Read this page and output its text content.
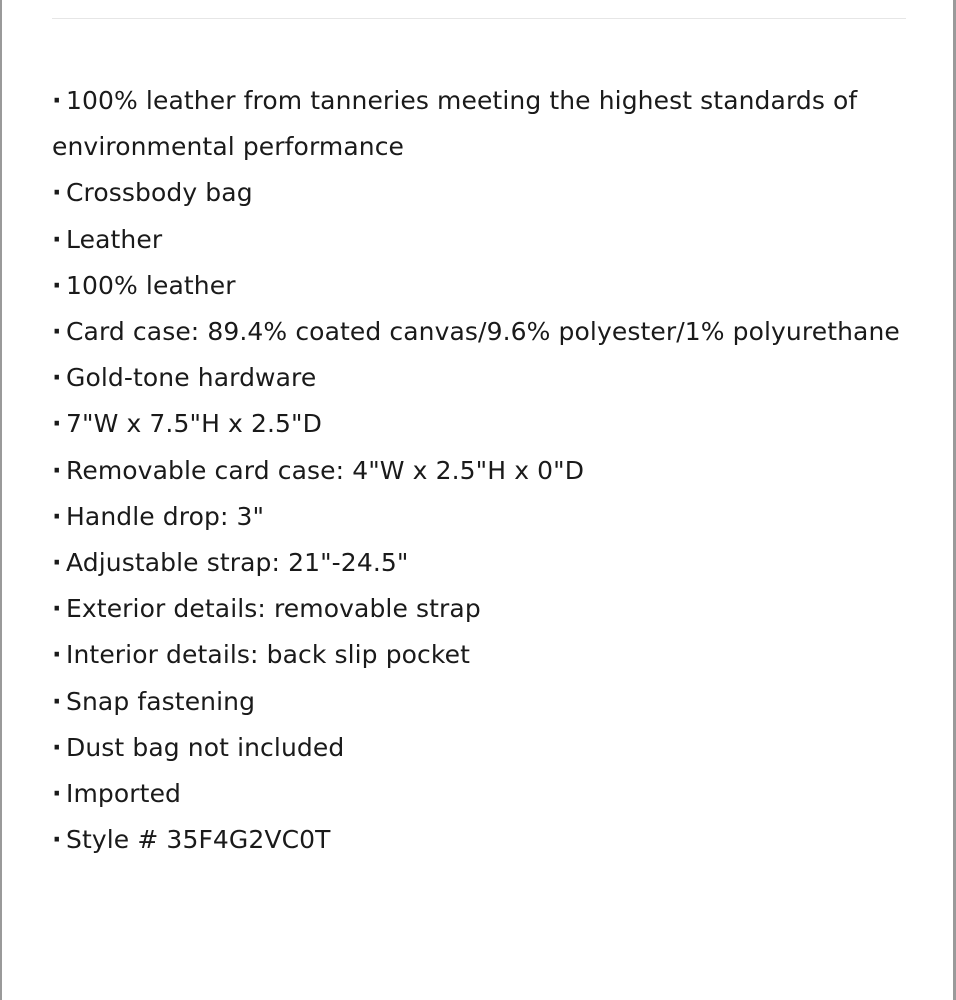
· 100% leather from tanneries meeting the highest standards of environmental performance
· Crossbody bag
· Leather
· 100% leather
· Card case: 89.4% coated canvas/9.6% polyester/1% polyurethane
· Gold-tone hardware
· 7"W x 7.5"H x 2.5"D
· Removable card case: 4"W x 2.5"H x 0"D
· Handle drop: 3"
· Adjustable strap: 21"-24.5"
· Exterior details: removable strap
· Interior details: back slip pocket
· Snap fastening
· Dust bag not included
· Imported
· Style # 35F4G2VC0T
